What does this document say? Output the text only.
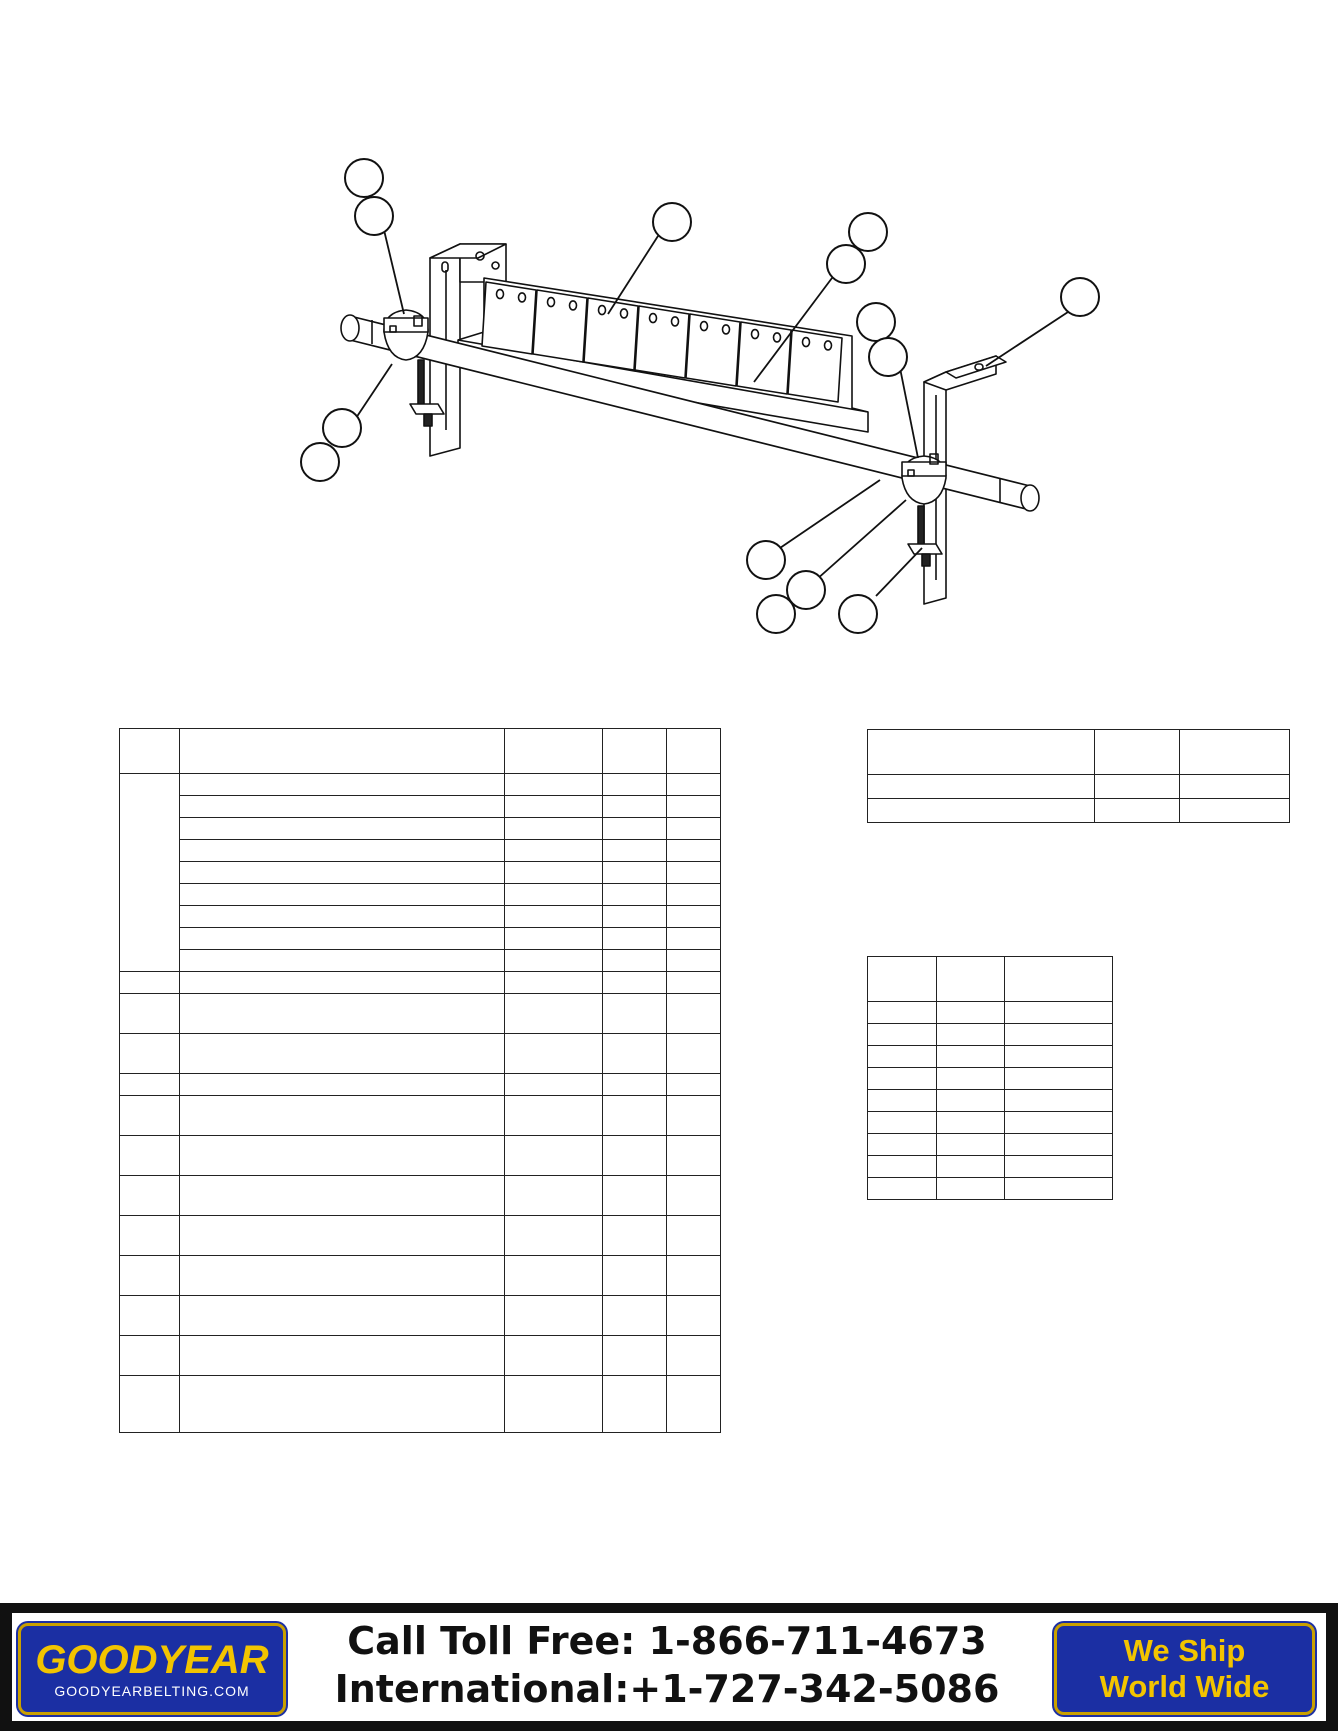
GOODYEAR
GOODYEARBELTING.COM
Call Toll Free: 1-866-711-4673
International:+1-727-342-5086
We Ship
World Wide
